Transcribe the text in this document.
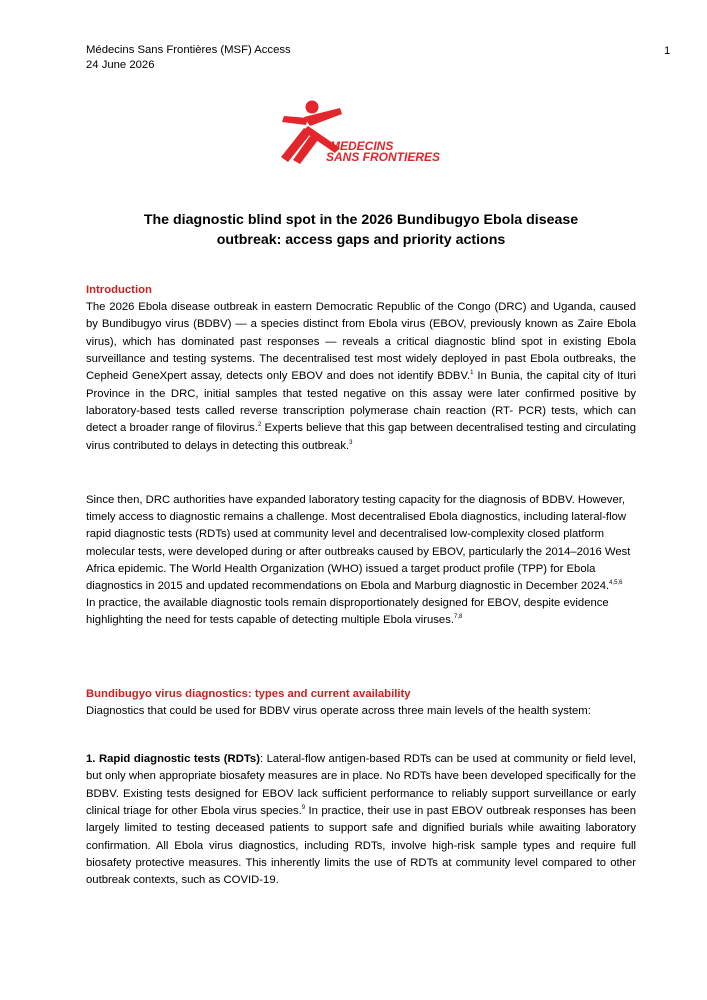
Médecins Sans Frontières (MSF) Access
24 June 2026
1
MEDECINS
SANS FRONTIERES
The diagnostic blind spot in the 2026 Bundibugyo Ebola disease
outbreak: access gaps and priority actions
Introduction

The 2026 Ebola disease outbreak in eastern Democratic Republic of the Congo (DRC) and Uganda, caused by Bundibugyo virus (BDBV) — a species distinct from Ebola virus (EBOV, previously known as Zaire Ebola virus), which has dominated past responses — reveals a critical diagnostic blind spot in existing Ebola surveillance and testing systems. The decentralised test most widely deployed in past Ebola outbreaks, the Cepheid GeneXpert assay, detects only EBOV and does not identify BDBV.$^1$ In Bunia, the capital city of Ituri Province in the DRC, initial samples that tested negative on this assay were later confirmed positive by laboratory-based tests called reverse transcription polymerase chain reaction (RT- PCR) tests, which can detect a broader range of filovirus.$^2$ Experts believe that this gap between decentralised testing and circulating virus contributed to delays in detecting this outbreak.$^3$

Since then, DRC authorities have expanded laboratory testing capacity for the diagnosis of BDBV. However, timely access to diagnostic remains a challenge. Most decentralised Ebola diagnostics, including lateral-flow rapid diagnostic tests (RDTs) used at community level and decentralised low-complexity closed platform molecular tests, were developed during or after outbreaks caused by EBOV, particularly the 2014–2016 West Africa epidemic. The World Health Organization (WHO) issued a target product profile (TPP) for Ebola diagnostics in 2015 and updated recommendations on Ebola and Marburg diagnostic in December 2024.$^{4,5,6}$ In practice, the available diagnostic tools remain disproportionately designed for EBOV, despite evidence highlighting the need for tests capable of detecting multiple Ebola viruses.$^{7,8}$

Bundibugyo virus diagnostics: types and current availability

Diagnostics that could be used for BDBV virus operate across three main levels of the health system:

1. Rapid diagnostic tests (RDTs): Lateral-flow antigen-based RDTs can be used at community or field level, but only when appropriate biosafety measures are in place. No RDTs have been developed specifically for the BDBV. Existing tests designed for EBOV lack sufficient performance to reliably support surveillance or early clinical triage for other Ebola virus species.$^9$ In practice, their use in past EBOV outbreak responses has been largely limited to testing deceased patients to support safe and dignified burials while awaiting laboratory confirmation. All Ebola virus diagnostics, including RDTs, involve high-risk sample types and require full biosafety protective measures. This inherently limits the use of RDTs at community level compared to other outbreak contexts, such as COVID-19.
